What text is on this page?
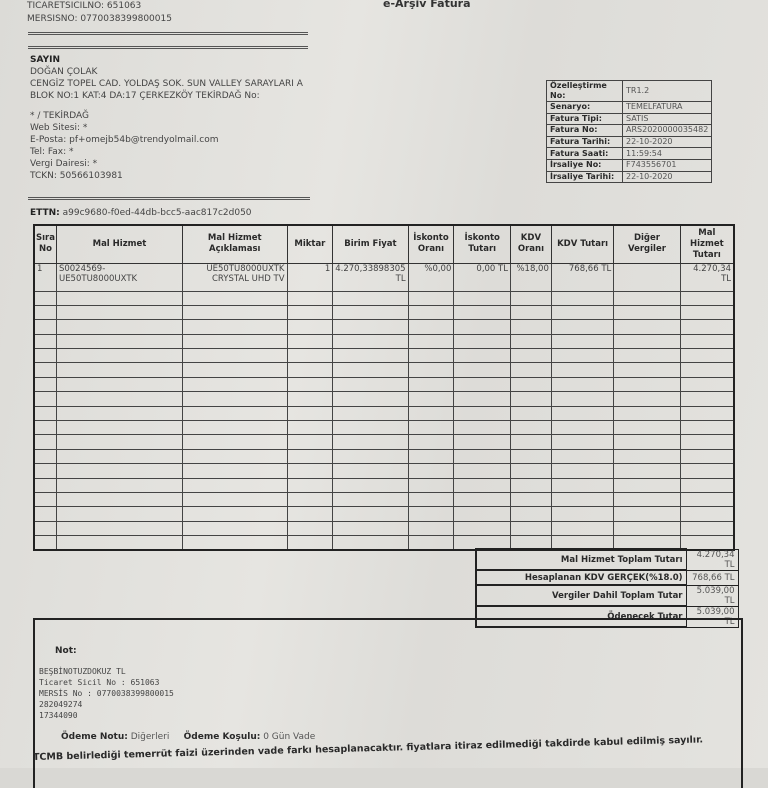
e-Arşiv Fatura
TICARETSICILNO: 651063
MERSISNO: 0770038399800015
SAYIN
DOĞAN ÇOLAK
CENGİZ TOPEL CAD. YOLDAŞ SOK. SUN VALLEY SARAYLARI A
BLOK NO:1 KAT:4 DA:17 ÇERKEZKÖY TEKİRDAĞ No:
* / TEKİRDAĞ
Web Sitesi: *
E-Posta: pf+omejb54b@trendyolmail.com
Tel: Fax: *
Vergi Dairesi: *
TCKN: 50566103981
ETTN: a99c9680-f0ed-44db-bcc5-aac817c2d050
Özelleştirme No:	TR1.2
Senaryo:	TEMELFATURA
Fatura Tipi:	SATIS
Fatura No:	ARS2020000035482
Fatura Tarihi:	22-10-2020
Fatura Saati:	11:59:54
İrsaliye No:	F743556701
İrsaliye Tarihi:	22-10-2020
Sıra No	Mal Hizmet	Mal Hizmet Açıklaması	Miktar	Birim Fiyat	İskonto Oranı	İskonto Tutarı	KDV Oranı	KDV Tutarı	Diğer Vergiler	Mal Hizmet Tutarı
1	S0024569-UE50TU8000UXTK	UE50TU8000UXTK CRYSTAL UHD TV	1	4.270,33898305 TL	%0,00	0,00 TL	%18,00	768,66 TL		4.270,34 TL

Mal Hizmet Toplam Tutarı	4.270,34 TL
Hesaplanan KDV GERÇEK(%18.0)	768,66 TL
Vergiler Dahil Toplam Tutar	5.039,00 TL
Ödenecek Tutar	5.039,00 TL
Not:
BEŞBİNOTUZDOKUZ TL
Ticaret Sicil No : 651063
MERSİS No : 0770038399800015
282049274
17344090
Ödeme Notu: Diğerleri Ödeme Koşulu: 0 Gün Vade
TCMB belirlediği temerrüt faizi üzerinden vade farkı hesaplanacaktır. fiyatlara itiraz edilmediği takdirde kabul edilmiş sayılır.
